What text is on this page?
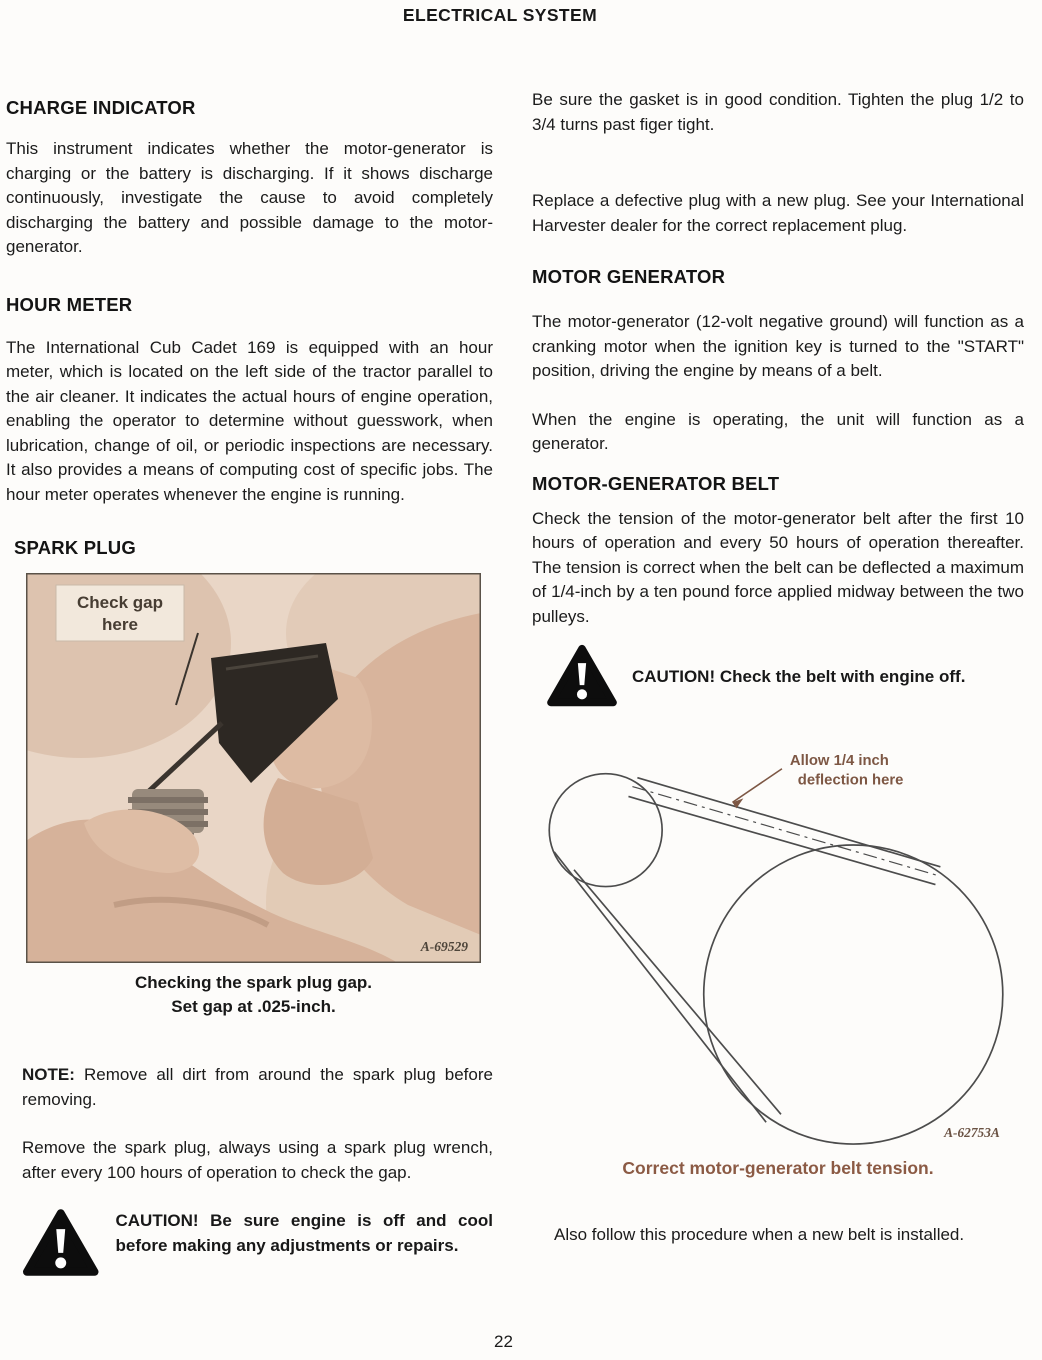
ELECTRICAL SYSTEM
CHARGE INDICATOR

This instrument indicates whether the motor-generator is charging or the battery is discharging. If it shows discharge continuously, investigate the cause to avoid completely discharging the battery and possible damage to the motor-generator.

HOUR METER

The International Cub Cadet 169 is equipped with an hour meter, which is located on the left side of the tractor parallel to the air cleaner. It indicates the actual hours of engine operation, enabling the operator to determine without guesswork, when lubrication, change of oil, or periodic inspections are necessary. It also provides a means of computing cost of specific jobs. The hour meter operates whenever the engine is running.

SPARK PLUG
Check gap
here
A-69529
Checking the spark plug gap.
Set gap at .025-inch.

NOTE: Remove all dirt from around the spark plug before removing.

Remove the spark plug, always using a spark plug wrench, after every 100 hours of operation to check the gap.

CAUTION! Be sure engine is off and cool before making any adjustments or repairs.

Be sure the gasket is in good condition. Tighten the plug 1/2 to 3/4 turns past figer tight.

Replace a defective plug with a new plug. See your International Harvester dealer for the correct replacement plug.

MOTOR GENERATOR

The motor-generator (12-volt negative ground) will function as a cranking motor when the ignition key is turned to the "START" position, driving the engine by means of a belt.

When the engine is operating, the unit will function as a generator.

MOTOR-GENERATOR BELT

Check the tension of the motor-generator belt after the first 10 hours of operation and every 50 hours of operation thereafter. The tension is correct when the belt can be deflected a maximum of 1/4-inch by a ten pound force applied midway between the two pulleys.

CAUTION! Check the belt with engine off.
Allow 1/4 inch
deflection here
A-62753A
Correct motor-generator belt tension.

Also follow this procedure when a new belt is installed.

22
